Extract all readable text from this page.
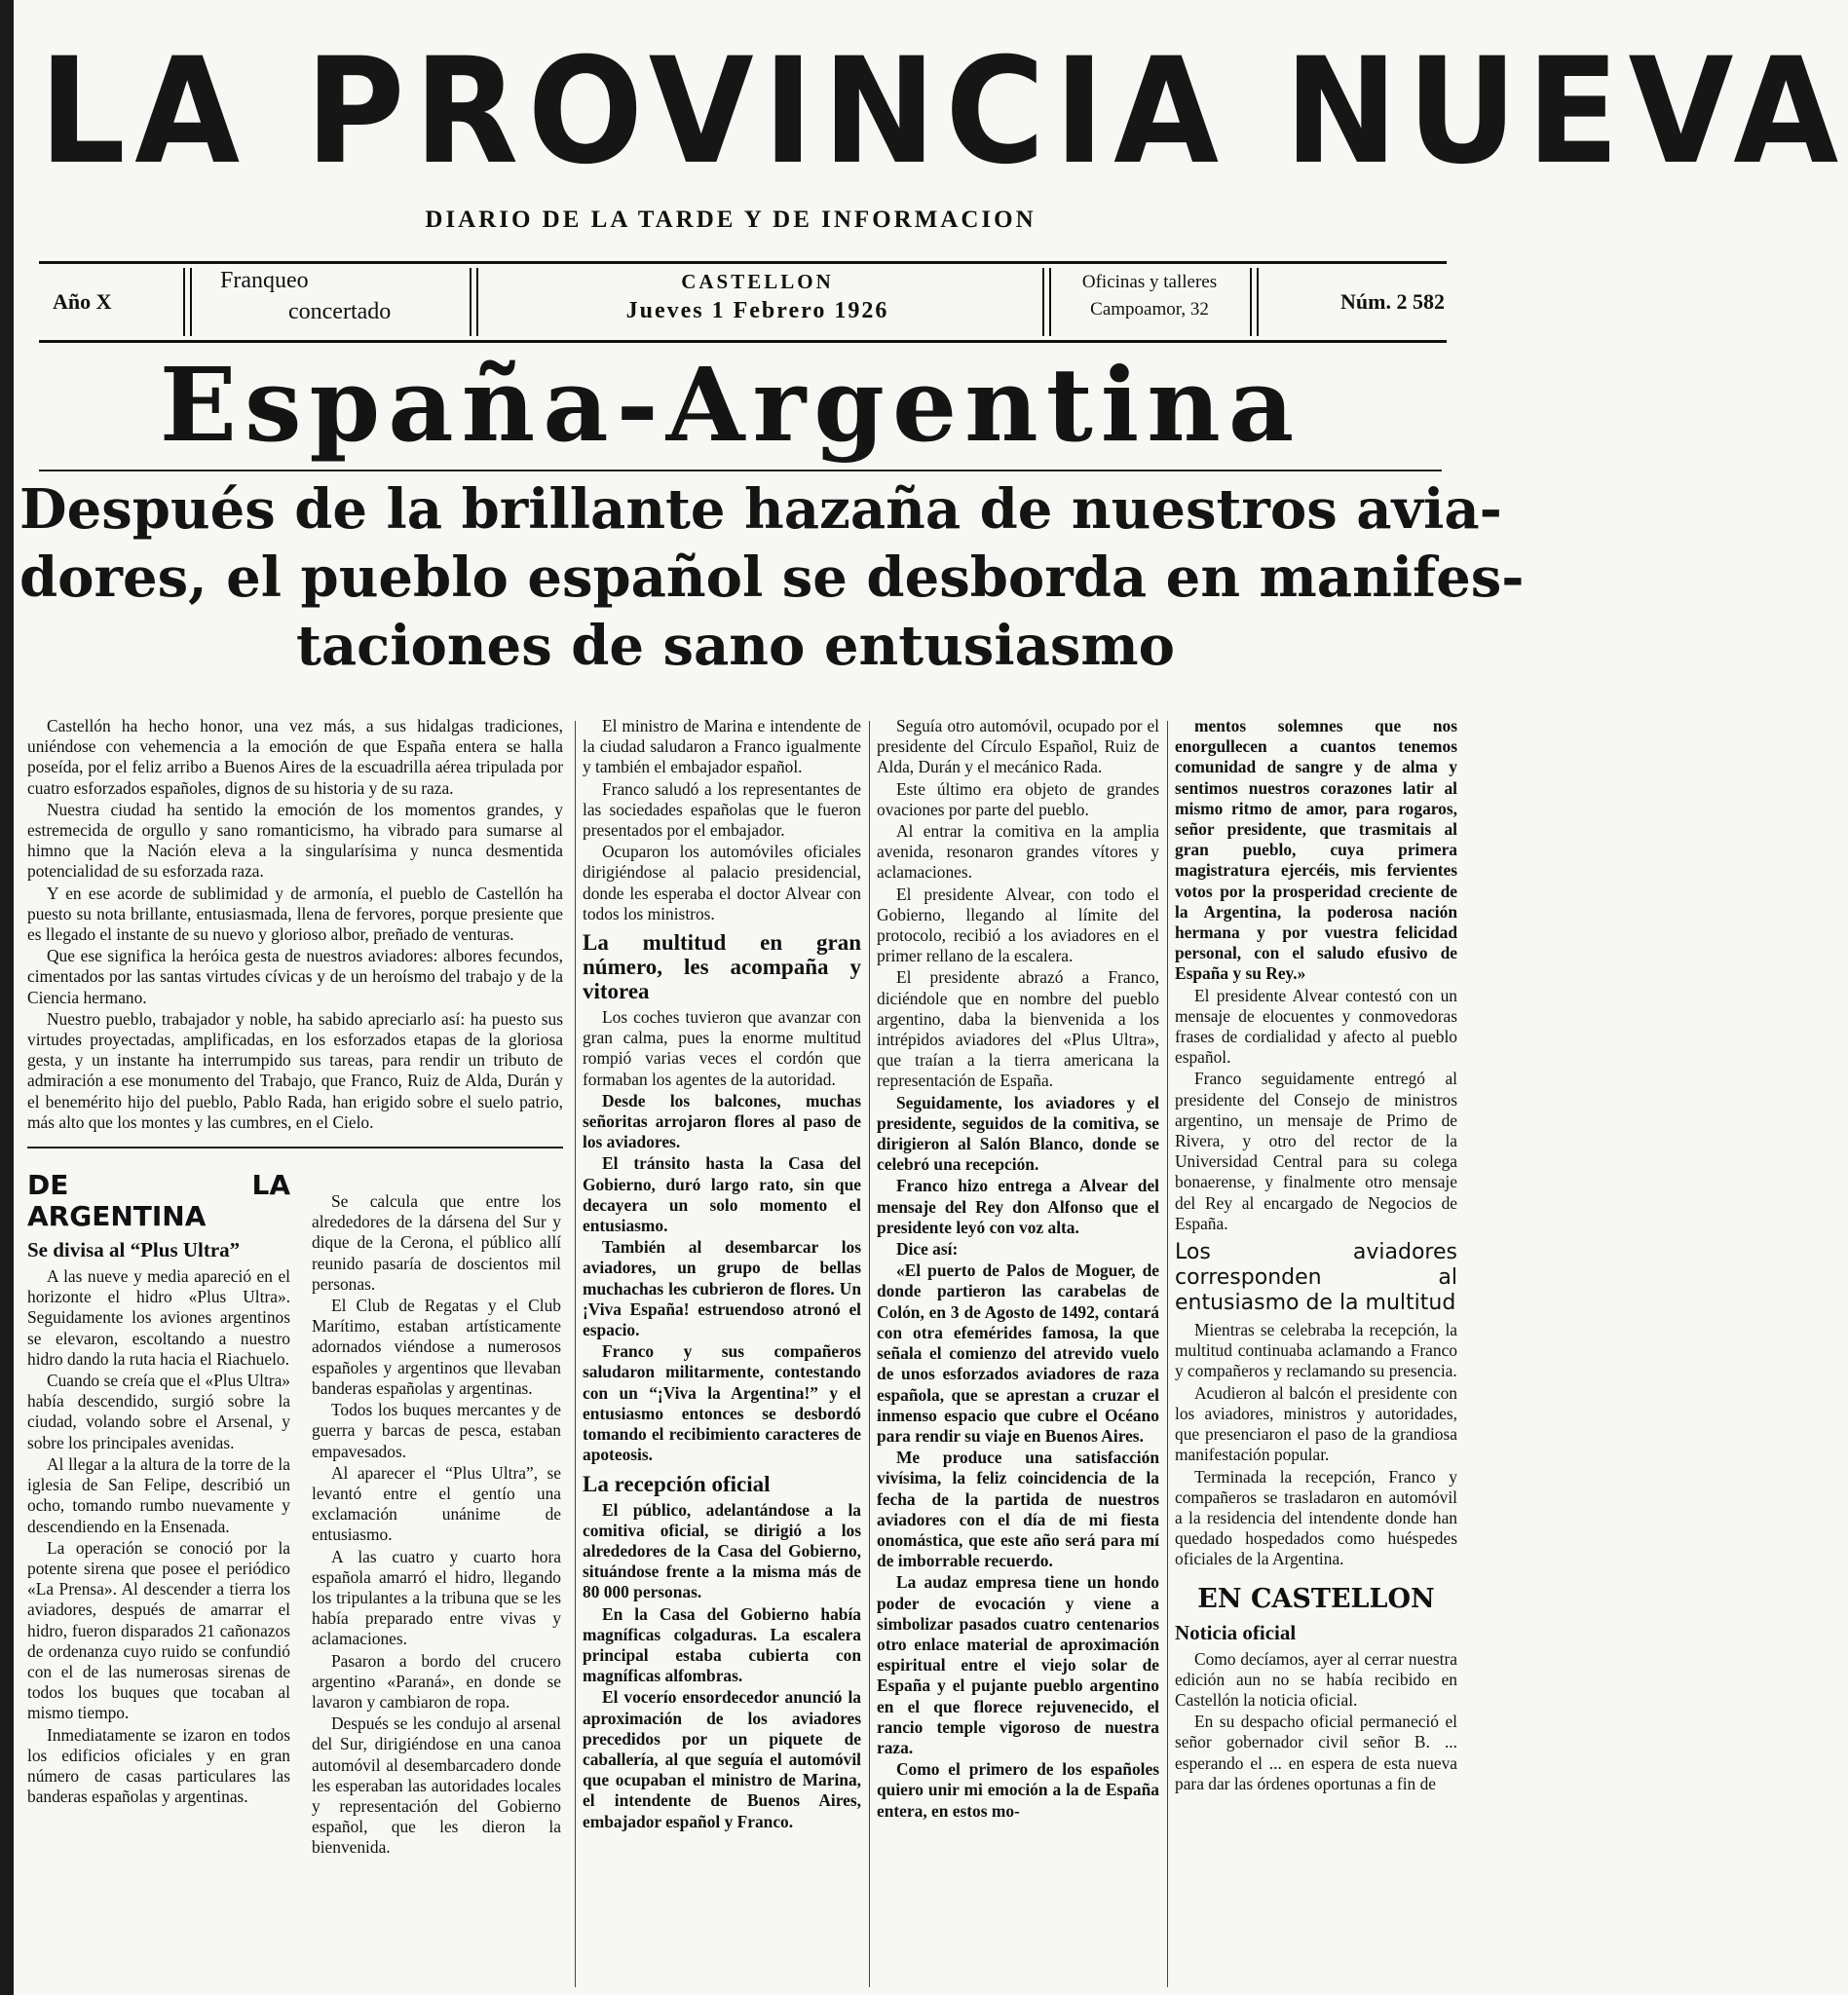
LA PROVINCIA NUEVA
DIARIO DE LA TARDE Y DE INFORMACION
Año X
Franqueo
concertado
CASTELLON
Jueves 1 Febrero 1926
Oficinas y talleres
Campoamor, 32	Núm. 2 582
España-Argentina
Después de la brillante hazaña de nuestros avia-
dores, el pueblo español se desborda en manifes-
taciones de sano entusiasmo

Castellón ha hecho honor, una vez más, a sus hidalgas tradiciones, uniéndose con vehemencia a la emoción de que España entera se halla poseída, por el feliz arribo a Buenos Aires de la escuadrilla aérea tripulada por cuatro esforzados españoles, dignos de su historia y de su raza.

Nuestra ciudad ha sentido la emoción de los momentos grandes, y estremecida de orgullo y sano romanticismo, ha vibrado para sumarse al himno que la Nación eleva a la singularísima y nunca desmentida potencialidad de su esforzada raza.

Y en ese acorde de sublimidad y de armonía, el pueblo de Castellón ha puesto su nota brillante, entusiasmada, llena de fervores, porque presiente que es llegado el instante de su nuevo y glorioso albor, preñado de venturas.

Que ese significa la heróica gesta de nuestros aviadores: albores fecundos, cimentados por las santas virtudes cívicas y de un heroísmo del trabajo y de la Ciencia hermano.

Nuestro pueblo, trabajador y noble, ha sabido apreciarlo así: ha puesto sus virtudes proyectadas, amplificadas, en los esforzados etapas de la gloriosa gesta, y un instante ha interrumpido sus tareas, para rendir un tributo de admiración a ese monumento del Trabajo, que Franco, Ruiz de Alda, Durán y el benemérito hijo del pueblo, Pablo Rada, han erigido sobre el suelo patrio, más alto que los montes y las cumbres, en el Cielo.

DE LA ARGENTINA
Se divisa al “Plus Ultra”

A las nueve y media apareció en el horizonte el hidro «Plus Ultra». Seguidamente los aviones argentinos se elevaron, escoltando a nuestro hidro dando la ruta hacia el Riachuelo.

Cuando se creía que el «Plus Ultra» había descendido, surgió sobre la ciudad, volando sobre el Arsenal, y sobre los principales avenidas.

Al llegar a la altura de la torre de la iglesia de San Felipe, describió un ocho, tomando rumbo nuevamente y descendiendo en la Ensenada.

La operación se conoció por la potente sirena que posee el periódico «La Prensa». Al descender a tierra los aviadores, después de amarrar el hidro, fueron disparados 21 cañonazos de ordenanza cuyo ruido se confundió con el de las numerosas sirenas de todos los buques que tocaban al mismo tiempo.

Inmediatamente se izaron en todos los edificios oficiales y en gran número de casas particulares las banderas españolas y argentinas.

Se calcula que entre los alrededores de la dársena del Sur y dique de la Cerona, el público allí reunido pasaría de doscientos mil personas.

El Club de Regatas y el Club Marítimo, estaban artísticamente adornados viéndose a numerosos españoles y argentinos que llevaban banderas españolas y argentinas.

Todos los buques mercantes y de guerra y barcas de pesca, estaban empavesados.

Al aparecer el “Plus Ultra”, se levantó entre el gentío una exclamación unánime de entusiasmo.

A las cuatro y cuarto hora española amarró el hidro, llegando los tripulantes a la tribuna que se les había preparado entre vivas y aclamaciones.

Pasaron a bordo del crucero argentino «Paraná», en donde se lavaron y cambiaron de ropa.

Después se les condujo al arsenal del Sur, dirigiéndose en una canoa automóvil al desembarcadero donde les esperaban las autoridades locales y representación del Gobierno español, que les dieron la bienvenida.

El ministro de Marina e intendente de la ciudad saludaron a Franco igualmente y también el embajador español.

Franco saludó a los representantes de las sociedades españolas que le fueron presentados por el embajador.

Ocuparon los automóviles oficiales dirigiéndose al palacio presidencial, donde les esperaba el doctor Alvear con todos los ministros.

La multitud en gran número, les acompaña y vitorea

Los coches tuvieron que avanzar con gran calma, pues la enorme multitud rompió varias veces el cordón que formaban los agentes de la autoridad.

Desde los balcones, muchas señoritas arrojaron flores al paso de los aviadores.

El tránsito hasta la Casa del Gobierno, duró largo rato, sin que decayera un solo momento el entusiasmo.

También al desembarcar los aviadores, un grupo de bellas muchachas les cubrieron de flores. Un ¡Viva España! estruendoso atronó el espacio.

Franco y sus compañeros saludaron militarmente, contestando con un “¡Viva la Argentina!” y el entusiasmo entonces se desbordó tomando el recibimiento caracteres de apoteosis.

La recepción oficial

El público, adelantándose a la comitiva oficial, se dirigió a los alrededores de la Casa del Gobierno, situándose frente a la misma más de 80 000 personas.

En la Casa del Gobierno había magníficas colgaduras. La escalera principal estaba cubierta con magníficas alfombras.

El vocerío ensordecedor anunció la aproximación de los aviadores precedidos por un piquete de caballería, al que seguía el automóvil que ocupaban el ministro de Marina, el intendente de Buenos Aires, embajador español y Franco.

Seguía otro automóvil, ocupado por el presidente del Círculo Español, Ruiz de Alda, Durán y el mecánico Rada.

Este último era objeto de grandes ovaciones por parte del pueblo.

Al entrar la comitiva en la amplia avenida, resonaron grandes vítores y aclamaciones.

El presidente Alvear, con todo el Gobierno, llegando al límite del protocolo, recibió a los aviadores en el primer rellano de la escalera.

El presidente abrazó a Franco, diciéndole que en nombre del pueblo argentino, daba la bienvenida a los intrépidos aviadores del «Plus Ultra», que traían a la tierra americana la representación de España.

Seguidamente, los aviadores y el presidente, seguidos de la comitiva, se dirigieron al Salón Blanco, donde se celebró una recepción.

Franco hizo entrega a Alvear del mensaje del Rey don Alfonso que el presidente leyó con voz alta.

Dice así:

«El puerto de Palos de Moguer, de donde partieron las carabelas de Colón, en 3 de Agosto de 1492, contará con otra efemérides famosa, la que señala el comienzo del atrevido vuelo de unos esforzados aviadores de raza española, que se aprestan a cruzar el inmenso espacio que cubre el Océano para rendir su viaje en Buenos Aires.

Me produce una satisfacción vivísima, la feliz coincidencia de la fecha de la partida de nuestros aviadores con el día de mi fiesta onomástica, que este año será para mí de imborrable recuerdo.

La audaz empresa tiene un hondo poder de evocación y viene a simbolizar pasados cuatro centenarios otro enlace material de aproximación espiritual entre el viejo solar de España y el pujante pueblo argentino en el que florece rejuvenecido, el rancio temple vigoroso de nuestra raza.

Como el primero de los españoles quiero unir mi emoción a la de España entera, en estos mo-

mentos solemnes que nos enorgullecen a cuantos tenemos comunidad de sangre y de alma y sentimos nuestros corazones latir al mismo ritmo de amor, para rogaros, señor presidente, que trasmitais al gran pueblo, cuya primera magistratura ejercéis, mis fervientes votos por la prosperidad creciente de la Argentina, la poderosa nación hermana y por vuestra felicidad personal, con el saludo efusivo de España y su Rey.»

El presidente Alvear contestó con un mensaje de elocuentes y conmovedoras frases de cordialidad y afecto al pueblo español.

Franco seguidamente entregó al presidente del Consejo de ministros argentino, un mensaje de Primo de Rivera, y otro del rector de la Universidad Central para su colega bonaerense, y finalmente otro mensaje del Rey al encargado de Negocios de España.

Los aviadores corresponden al entusiasmo de la multitud

Mientras se celebraba la recepción, la multitud continuaba aclamando a Franco y compañeros y reclamando su presencia.

Acudieron al balcón el presidente con los aviadores, ministros y autoridades, que presenciaron el paso de la grandiosa manifestación popular.

Terminada la recepción, Franco y compañeros se trasladaron en automóvil a la residencia del intendente donde han quedado hospedados como huéspedes oficiales de la Argentina.

EN CASTELLON
Noticia oficial

Como decíamos, ayer al cerrar nuestra edición aun no se había recibido en Castellón la noticia oficial.

En su despacho oficial permaneció el señor gobernador civil señor B. ... esperando el ... en espera de esta nueva para dar las órdenes oportunas a fin de
